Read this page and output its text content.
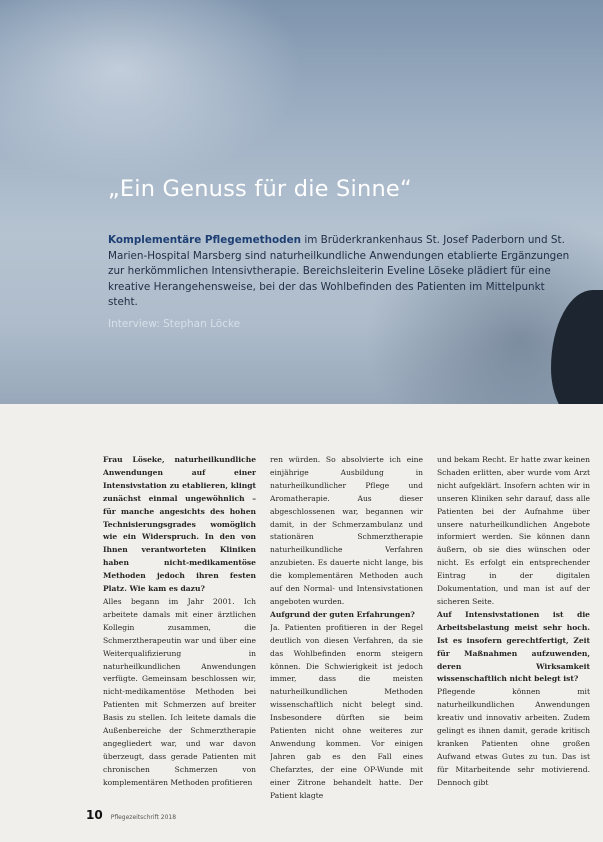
„Ein Genuss für die Sinne“

Komplementäre Pflegemethoden im Brüderkrankenhaus St. Josef Paderborn und St. Marien-Hospital Marsberg sind naturheilkundliche Anwendungen etablierte Ergänzungen zur herkömmlichen Intensivtherapie. Bereichsleiterin Eveline Löseke plädiert für eine kreative Herangehensweise, bei der das Wohlbefinden des Patienten im Mittelpunkt steht.

Interview: Stephan Löcke

Frau Löseke, naturheilkundliche Anwendungen auf einer Intensivstation zu etablieren, klingt zunächst einmal ungewöhnlich – für manche angesichts des hohen Technisierungsgrades womöglich wie ein Widerspruch. In den von Ihnen verantworteten Kliniken haben nicht-medikamentöse Methoden jedoch ihren festen Platz. Wie kam es dazu?

Alles begann im Jahr 2001. Ich arbeitete damals mit einer ärztlichen Kollegin zusammen, die Schmerztherapeutin war und über eine Weiterqualifizierung in naturheilkundlichen Anwendungen verfügte. Gemeinsam beschlossen wir, nicht-medikamentöse Methoden bei Patienten mit Schmerzen auf breiter Basis zu stellen. Ich leitete damals die Außenbereiche der Schmerztherapie angegliedert war, und war davon überzeugt, dass gerade Patienten mit chronischen Schmerzen von komplementären Methoden profitieren

ren würden. So absolvierte ich eine einjährige Ausbildung in naturheilkundlicher Pflege und Aromatherapie. Aus dieser abgeschlossenen war, begannen wir damit, in der Schmerzambulanz und stationären Schmerztherapie naturheilkundliche Verfahren anzubieten. Es dauerte nicht lange, bis die komplementären Methoden auch auf den Normal- und Intensivstationen angeboten wurden.

Aufgrund der guten Erfahrungen?

Ja. Patienten profitieren in der Regel deutlich von diesen Verfahren, da sie das Wohlbefinden enorm steigern können. Die Schwierigkeit ist jedoch immer, dass die meisten naturheilkundlichen Methoden wissenschaftlich nicht belegt sind. Insbesondere dürften sie beim Patienten nicht ohne weiteres zur Anwendung kommen. Vor einigen Jahren gab es den Fall eines Chefarztes, der eine OP-Wunde mit einer Zitrone behandelt hatte. Der Patient klagte

und bekam Recht. Er hatte zwar keinen Schaden erlitten, aber wurde vom Arzt nicht aufgeklärt. Insofern achten wir in unseren Kliniken sehr darauf, dass alle Patienten bei der Aufnahme über unsere naturheilkundlichen Angebote informiert werden. Sie können dann äußern, ob sie dies wünschen oder nicht. Es erfolgt ein entsprechender Eintrag in der digitalen Dokumentation, und man ist auf der sicheren Seite.

Auf Intensivstationen ist die Arbeitsbelastung meist sehr hoch. Ist es insofern gerechtfertigt, Zeit für Maßnahmen aufzuwenden, deren Wirksamkeit wissenschaftlich nicht belegt ist?

Pflegende können mit naturheilkundlichen Anwendungen kreativ und innovativ arbeiten. Zudem gelingt es ihnen damit, gerade kritisch kranken Patienten ohne großen Aufwand etwas Gutes zu tun. Das ist für Mitarbeitende sehr motivierend. Dennoch gibt

10 Pflegezeitschrift 2018
